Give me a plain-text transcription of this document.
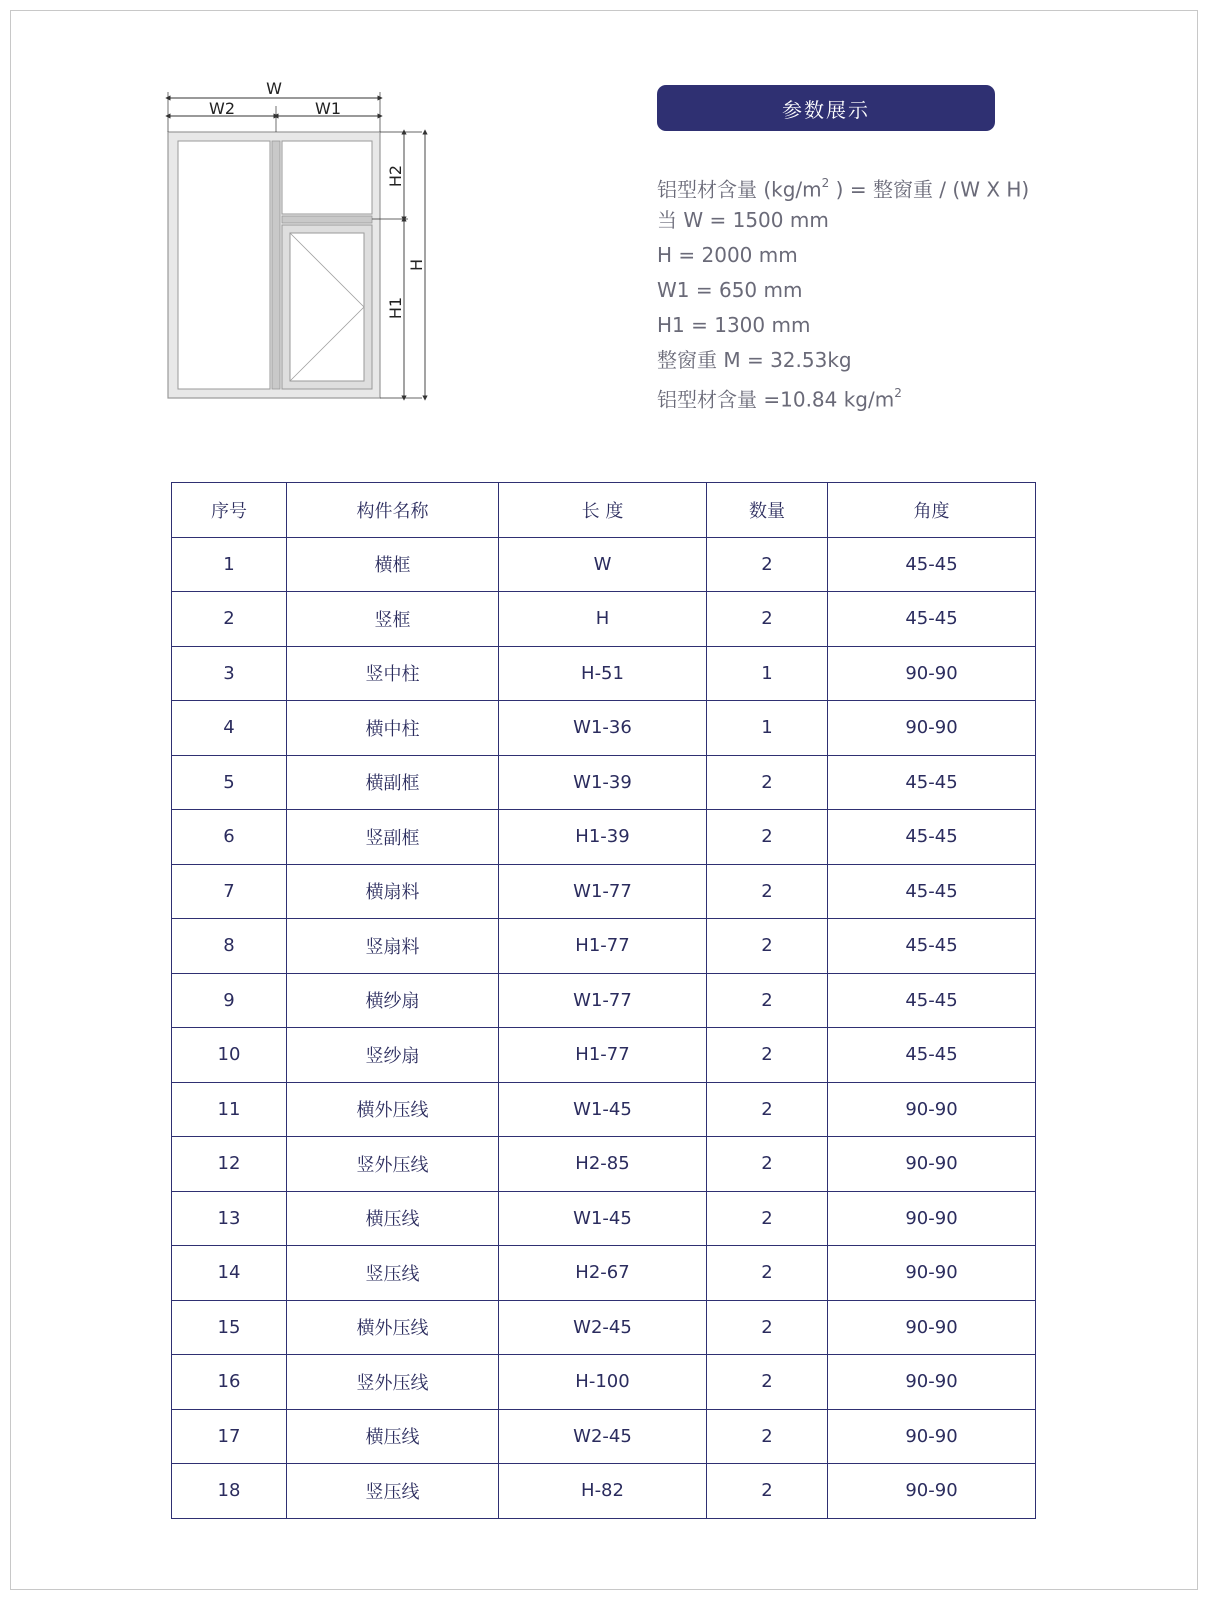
W
W2	W1
H2
H1
H
参数展示
铝型材含量 ($kg/m^2$ ) = 整窗重 / (W X H)
当 W = 1500 mm
H = 2000 mm
W1 = 650 mm
H1 = 1300 mm
整窗重 M = 32.53kg
铝型材含量 =10.84 $kg/m^2$
序号	构件名称	长 度	数量	角度
1	横框	W	2	45-45
2	竖框	H	2	45-45
3	竖中柱	H-51	1	90-90
4	横中柱	W1-36	1	90-90
5	横副框	W1-39	2	45-45
6	竖副框	H1-39	2	45-45
7	横扇料	W1-77	2	45-45
8	竖扇料	H1-77	2	45-45
9	横纱扇	W1-77	2	45-45
10	竖纱扇	H1-77	2	45-45
11	横外压线	W1-45	2	90-90
12	竖外压线	H2-85	2	90-90
13	横压线	W1-45	2	90-90
14	竖压线	H2-67	2	90-90
15	横外压线	W2-45	2	90-90
16	竖外压线	H-100	2	90-90
17	横压线	W2-45	2	90-90
18	竖压线	H-82	2	90-90
